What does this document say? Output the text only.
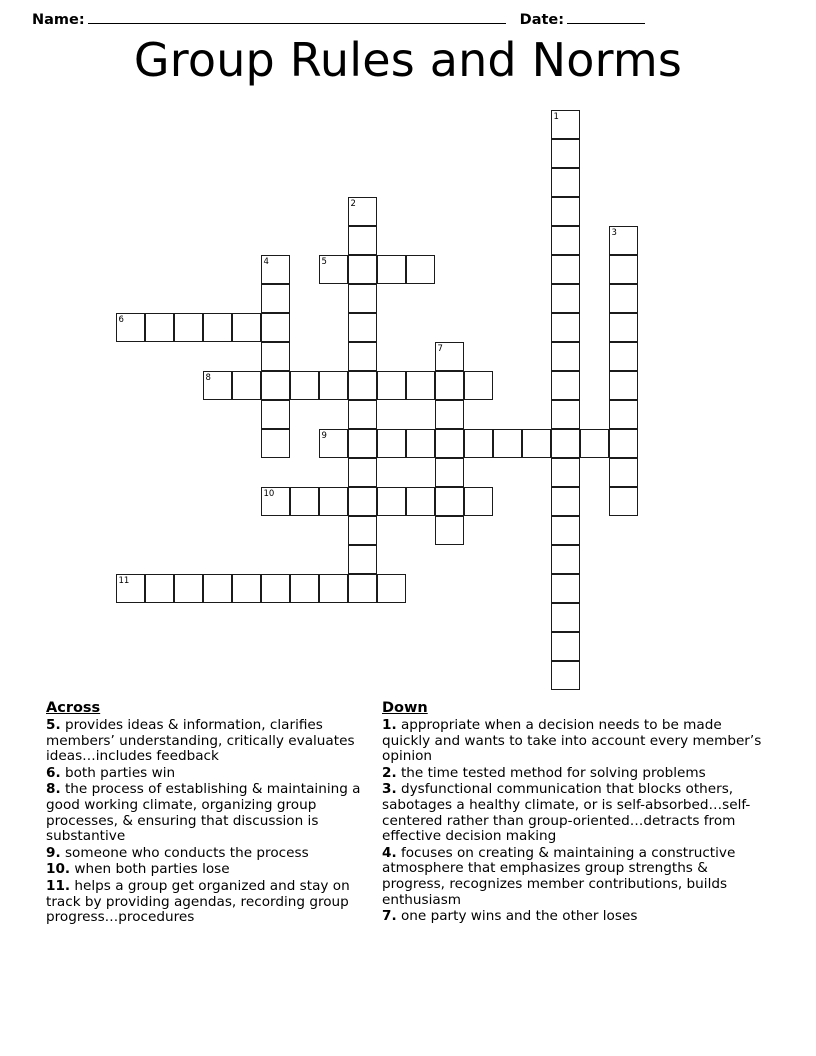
Name:	Date:
Group Rules and Norms
1
2
3
4	5
6
7
8
9
10
11
Across
5. provides ideas & information, clarifies members’ understanding, critically evaluates ideas…includes feedback
6. both parties win
8. the process of establishing & maintaining a good working climate, organizing group processes, & ensuring that discussion is substantive
9. someone who conducts the process
10. when both parties lose
11. helps a group get organized and stay on track by providing agendas, recording group progress…procedures
Down
1. appropriate when a decision needs to be made quickly and wants to take into account every member’s opinion
2. the time tested method for solving problems
3. dysfunctional communication that blocks others, sabotages a healthy climate, or is self-absorbed…self-centered rather than group-oriented…detracts from effective decision making
4. focuses on creating & maintaining a constructive atmosphere that emphasizes group strengths & progress, recognizes member contributions, builds enthusiasm
7. one party wins and the other loses
